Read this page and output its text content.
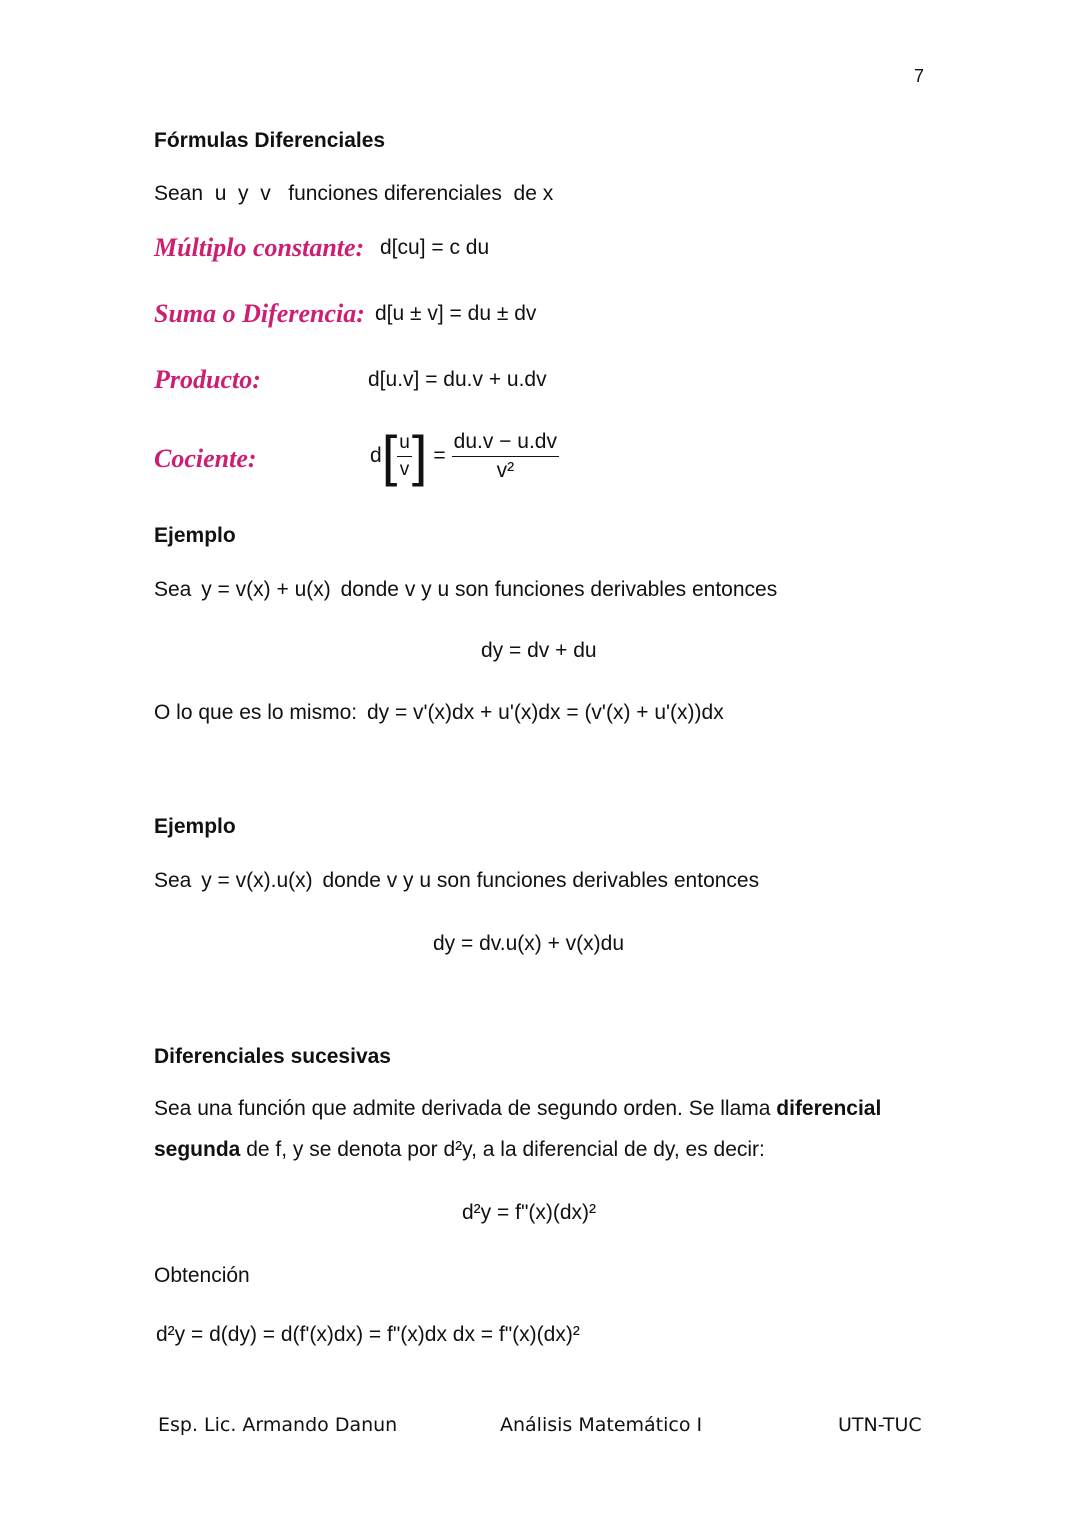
7
Fórmulas Diferenciales
Sean  u  y  v   funciones diferenciales  de x
Múltiplo constante: d[cu] = c du
Suma o Diferencia: d[u ± v] = du ± dv
Producto:	d[u.v] = du.v + u.dv
Cociente:	d [ $\frac{u}{v}$ ] = $\frac{du.v - u.dv}{\text{v²}}$
Ejemplo
Sea y = v(x) + u(x) donde v y u son funciones derivables entonces
dy = dv + du
O lo que es lo mismo: dy = v'(x)dx + u'(x)dx = (v'(x) + u'(x))dx
Ejemplo
Sea y = v(x).u(x) donde v y u son funciones derivables entonces
dy = dv.u(x) + v(x)du
Diferenciales sucesivas
Sea una función que admite derivada de segundo orden. Se llama diferencial
segunda de f, y se denota por d²y, a la diferencial de dy, es decir:
d²y = f"(x)(dx)²
Obtención
d²y = d(dy) = d(f'(x)dx) = f"(x)dx dx = f"(x)(dx)²
Esp. Lic. Armando Danun	Análisis Matemático I	UTN-TUC
